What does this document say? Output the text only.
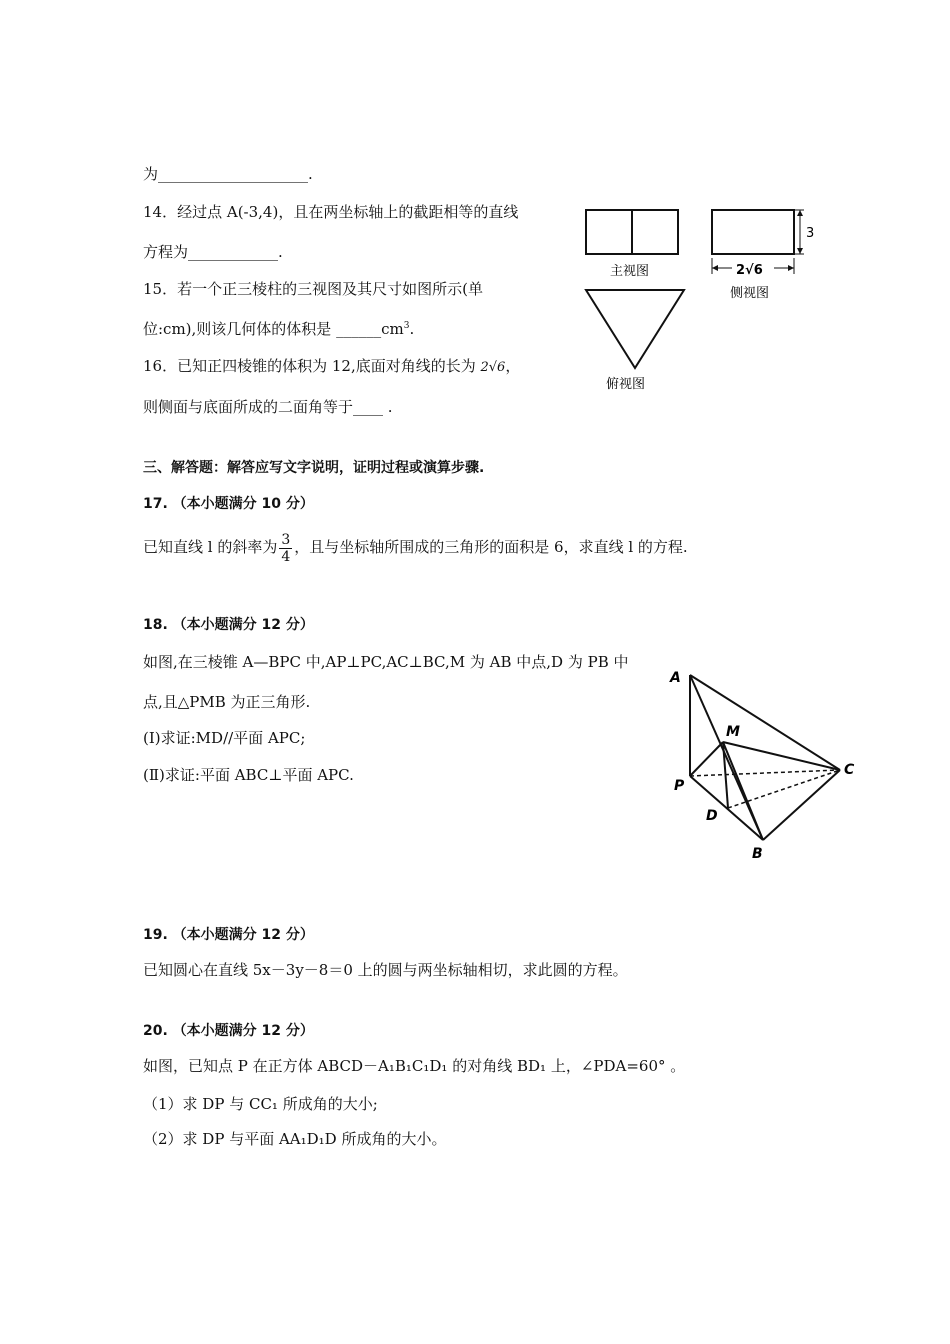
为____________________.
14．经过点 A(-3,4)，且在两坐标轴上的截距相等的直线
方程为____________.
15．若一个正三棱柱的三视图及其尺寸如图所示(单
位:cm),则该几何体的体积是 $\_\_\_\_\_\_cm^3$.
16．已知正四棱锥的体积为 12,底面对角线的长为 2√6，
则侧面与底面所成的二面角等于____ .
三、解答题：解答应写文字说明，证明过程或演算步骤.
17. （本小题满分 10 分）
已知直线 l 的斜率为 $\frac{3}{4}$ ，且与坐标轴所围成的三角形的面积是 6，求直线 l 的方程.
18. （本小题满分 12 分）
如图,在三棱锥 A—BPC 中,AP⊥PC,AC⊥BC,M 为 AB 中点,D 为 PB 中
点,且△PMB 为正三角形.
(Ⅰ)求证:MD//平面 APC;
(Ⅱ)求证:平面 ABC⊥平面 APC.
19. （本小题满分 12 分）
已知圆心在直线 5x－3y－8＝0 上的圆与两坐标轴相切，求此圆的方程。
20. （本小题满分 12 分）
如图，已知点 P 在正方体 ABCD－A₁B₁C₁D₁ 的对角线 BD₁ 上，∠PDA=60° 。
（1）求 DP 与 CC₁ 所成角的大小;
（2）求 DP 与平面 AA₁D₁D 所成角的大小。
主视图
3
2√6
侧视图
俯视图
A
M
C
P
D
B
